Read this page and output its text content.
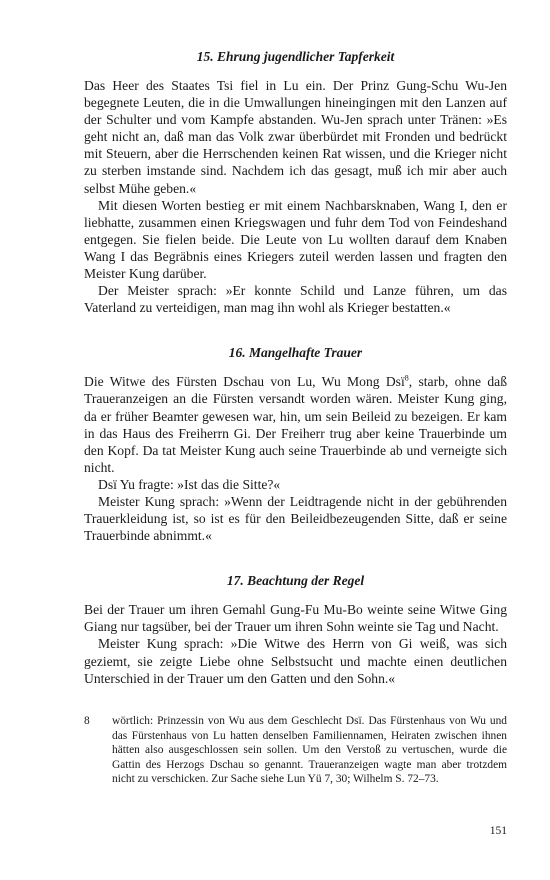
15. Ehrung jugendlicher Tapferkeit

Das Heer des Staates Tsi fiel in Lu ein. Der Prinz Gung-Schu Wu-Jen begegnete Leuten, die in die Umwallungen hineingingen mit den Lanzen auf der Schulter und vom Kampfe abstanden. Wu-Jen sprach unter Tränen: »Es geht nicht an, daß man das Volk zwar überbürdet mit Fronden und bedrückt mit Steuern, aber die Herrschenden keinen Rat wissen, und die Krieger nicht zu sterben imstande sind. Nachdem ich das gesagt, muß ich mir aber auch selbst Mühe geben.«

Mit diesen Worten bestieg er mit einem Nachbarsknaben, Wang I, den er liebhatte, zusammen einen Kriegswagen und fuhr dem Tod von Feindeshand entgegen. Sie fielen beide. Die Leute von Lu wollten darauf dem Knaben Wang I das Begräbnis eines Kriegers zuteil werden lassen und fragten den Meister Kung darüber.

Der Meister sprach: »Er konnte Schild und Lanze führen, um das Vaterland zu verteidigen, man mag ihn wohl als Krieger bestatten.«

16. Mangelhafte Trauer

Die Witwe des Fürsten Dschau von Lu, Wu Mong Dsï$^8$, starb, ohne daß Traueranzeigen an die Fürsten versandt worden wären. Meister Kung ging, da er früher Beamter gewesen war, hin, um sein Beileid zu bezeigen. Er kam in das Haus des Freiherrn Gi. Der Freiherr trug aber keine Trauerbinde um den Kopf. Da tat Meister Kung auch seine Trauerbinde ab und verneigte sich nicht.

Dsï Yu fragte: »Ist das die Sitte?«

Meister Kung sprach: »Wenn der Leidtragende nicht in der gebührenden Trauerkleidung ist, so ist es für den Beileidbezeugenden Sitte, daß er seine Trauerbinde abnimmt.«

17. Beachtung der Regel

Bei der Trauer um ihren Gemahl Gung-Fu Mu-Bo weinte seine Witwe Ging Giang nur tagsüber, bei der Trauer um ihren Sohn weinte sie Tag und Nacht.

Meister Kung sprach: »Die Witwe des Herrn von Gi weiß, was sich geziemt, sie zeigte Liebe ohne Selbstsucht und machte einen deutlichen Unterschied in der Trauer um den Gatten und den Sohn.«

8	wörtlich: Prinzessin von Wu aus dem Geschlecht Dsï. Das Fürstenhaus von Wu und das Fürstenhaus von Lu hatten denselben Familiennamen, Heiraten zwischen ihnen hätten also ausgeschlossen sein sollen. Um den Verstoß zu vertuschen, wurde die Gattin des Herzogs Dschau so genannt. Traueranzeigen wagte man aber trotzdem nicht zu verschicken. Zur Sache siehe Lun Yü 7, 30; Wilhelm S. 72–73.
151
